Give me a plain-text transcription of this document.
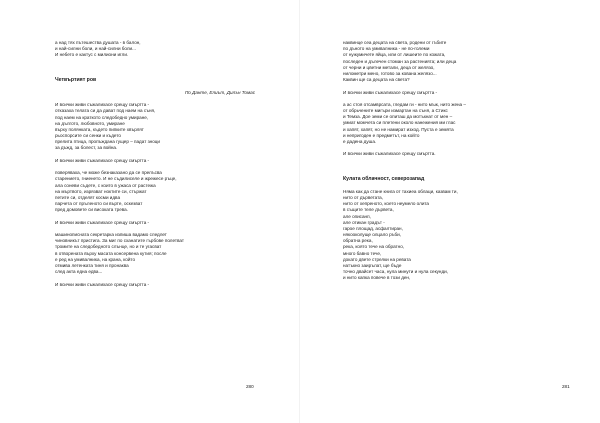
а над тях пътешества душата - в балон,
и най-силни боли, и най-силни боли...
И небето е кактус с милиони игли.
Четвъртият ров
По Данте, Елиът, Дилън Томас
И всички живи съжалихасе срещу смъртта -
отказаха телата си да дават под наем на съня,
под наем на краткото следобедно умиране,
на дългото, любовното, умиране
върху полянката, където пипките хвърлят
рьоспорсите си сенки и където
прелита птица, пропъждана гущер – падат зноци
за дъжд, за болест, за война.
И всички живи съжалихасе срещу смъртта -
поверяваха, че може безнаказано да се прелъсва
старението, гниенето. И не съдилиселе и жрежесе ръце,
ала соневи съдете, с които в ужаса от растежа
на мъртвото, изрязват ноктите си, стържат
петите си, отделят косми идва
парчета от пръленото си върте, оскезват
пред домовете си високата трева.
И всички живи съжалихасе срещу смъртта -
машинописната секретарка изпиша вадамо следлет
чиновникът пристига. За миг по сханатите гърбове полетват
тромите на следобедното слънце, но и те угасват
в отворената върху масата консервена кутия; после
е ред на умивалника, на крана, който
отмива летенката тиня и пронаква
след акта една едва...
И всички живи съжалихасе срещу смъртта -
280
наквинце сеа децата на света, родени от гъбите
по дъното на умивалника - не по-големи
от нужумичете яйца, или от лишеите по кожата,
последен и дълечен стоман за растенията; или деца
от черни и цветни метали, деца от желязо,
нилометри мено, готово за кована желязо...
Каквин ще са децата на света?
И всички живи съжалихасе срещу смъртта -
а ас стоя отсамврсата, гледам ги - нито мъж, нито жена –
от обрьчените мигъри измартан на съня, а Стикс
и Темза. Дое земи се опиташ да мотъкнат от мен –
умиат момчета си плетени около нанежения ми глас
и хапят, хапят, но не намират изход. Пуста е земята
и непригоден е предметът, на който
е дадена душа.
И всички живи съжалихасе срещу смъртта.
Кулата облачност, северозапад
Няма как да стане книга от тахиеа облаци, казвам ти,
нито от дърветата,
нито от хепреното, което неумело олита
в същите теле дървета,
але описанп,
але отикан градът -
гарое площад, асфалтиран,
някооколуще олцало ръби,
обратна река,
река, която тече на обратно,
много бавно тече,
докато двете стрелки на ревата
натъкно заирълат, ще бъде
точно двайсет часа, нула минути и нула секунди,
и нито капка повече в този ден,
281
